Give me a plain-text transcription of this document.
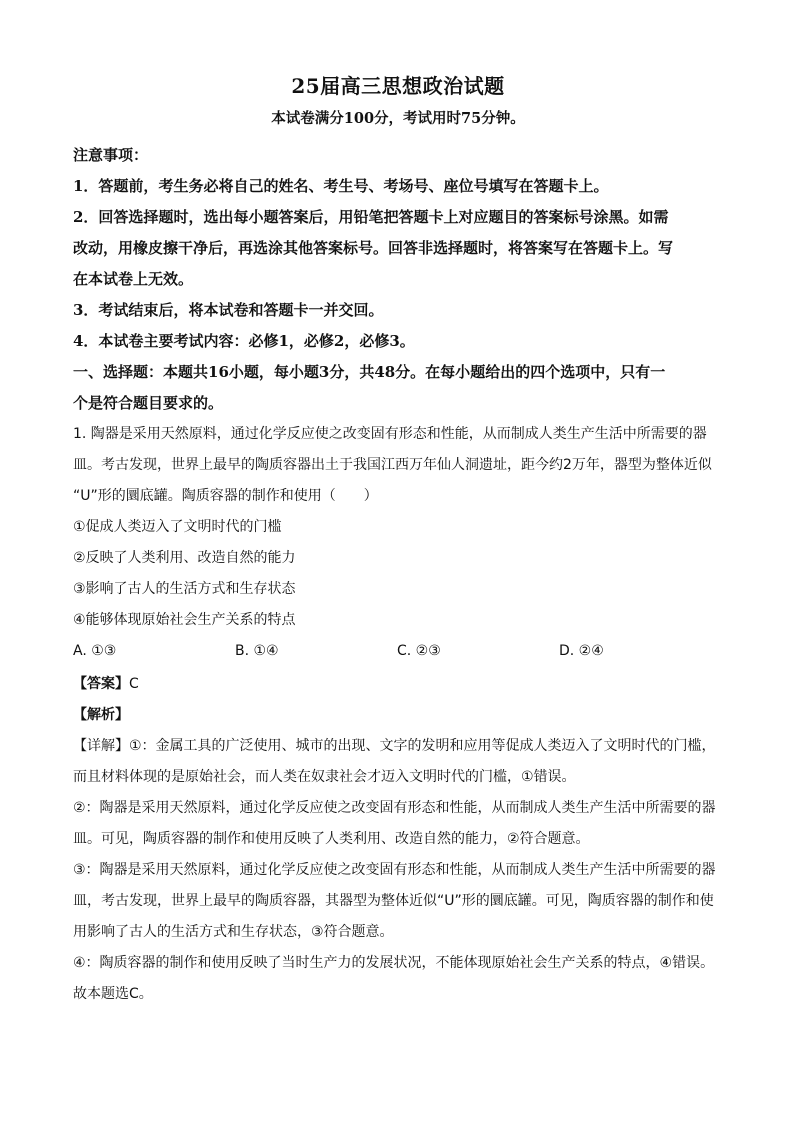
25届高三思想政治试题
本试卷满分100分，考试用时75分钟。

注意事项：

1．答题前，考生务必将自己的姓名、考生号、考场号、座位号填写在答题卡上。

2．回答选择题时，选出每小题答案后，用铅笔把答题卡上对应题目的答案标号涂黑。如需

改动，用橡皮擦干净后，再选涂其他答案标号。回答非选择题时，将答案写在答题卡上。写

在本试卷上无效。

3．考试结束后，将本试卷和答题卡一并交回。

4．本试卷主要考试内容：必修1，必修2，必修3。

一、选择题：本题共16小题，每小题3分，共48分。在每小题给出的四个选项中，只有一

个是符合题目要求的。

1. 陶器是采用天然原料，通过化学反应使之改变固有形态和性能，从而制成人类生产生活中所需要的器

皿。考古发现，世界上最早的陶质容器出土于我国江西万年仙人洞遗址，距今约2万年，器型为整体近似

“U”形的圜底罐。陶质容器的制作和使用（　　）

①促成人类迈入了文明时代的门槛

②反映了人类利用、改造自然的能力

③影响了古人的生活方式和生存状态

④能够体现原始社会生产关系的特点

A. ①③	B. ①④	C. ②③	D. ②④

【答案】C

【解析】

【详解】①：金属工具的广泛使用、城市的出现、文字的发明和应用等促成人类迈入了文明时代的门槛，

而且材料体现的是原始社会，而人类在奴隶社会才迈入文明时代的门槛，①错误。

②：陶器是采用天然原料，通过化学反应使之改变固有形态和性能，从而制成人类生产生活中所需要的器

皿。可见，陶质容器的制作和使用反映了人类利用、改造自然的能力，②符合题意。

③：陶器是采用天然原料，通过化学反应使之改变固有形态和性能，从而制成人类生产生活中所需要的器

皿，考古发现，世界上最早的陶质容器，其器型为整体近似“U”形的圜底罐。可见，陶质容器的制作和使

用影响了古人的生活方式和生存状态，③符合题意。

④：陶质容器的制作和使用反映了当时生产力的发展状况，不能体现原始社会生产关系的特点，④错误。

故本题选C。
